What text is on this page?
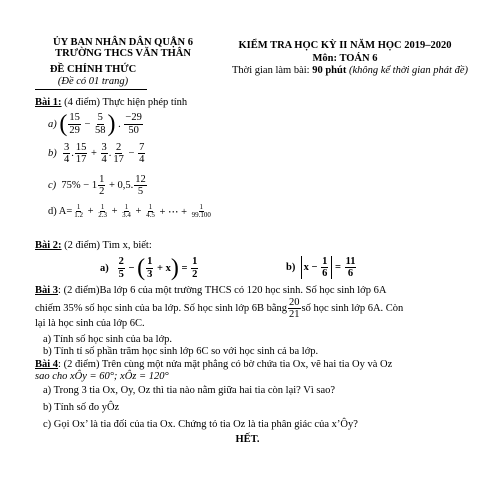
ỦY BAN NHÂN DÂN QUẬN 6
TRƯỜNG THCS VĂN THÂN
ĐỀ CHÍNH THỨC
(Đề có 01 trang)
KIỂM TRA HỌC KỲ II NĂM HỌC 2019–2020
Môn: TOÁN 6
Thời gian làm bài: 90 phút (không kể thời gian phát đề)
Bài 1: (4 điểm) Thực hiện phép tính
a)
( $\frac{15}{29} - \frac{5}{58}$ ) . $\frac{-29}{50}$
b)
$\frac{3}{4}$ . $\frac{15}{17} + \frac{3}{4}$ . $\frac{2}{17} - \frac{7}{4}$
c)
$75\% - 1 \frac{1}{2}$
+ 0,5. $\frac{12}{5}$
d) $A= \frac{1}{1.2} + \frac{1}{2.3} + \frac{1}{3.4} + \frac{1}{4.5}$
+ ⋯ +
$\frac{1}{99.100}$
Bài 2: (2 điểm) Tìm x, biết:
a)
$\frac{2}{5}$ − ( $\frac{1}{3} + x$ ) = $\frac{1}{2}$	b)
x −
$\frac{1}{6} = \frac{11}{6}$
Bài 3: (2 điểm)Ba lớp 6 của một trường THCS có 120 học sinh. Số học sinh lớp 6A
chiếm 35% số học sinh của ba lớp. Số học sinh lớp 6B bằng $\frac{20}{21}$ số học sinh lớp 6A. Còn
lại là học sinh của lớp 6C.
a) Tính số học sinh của ba lớp.
b) Tính tỉ số phần trăm học sinh lớp 6C so với học sinh cả ba lớp.
Bài 4: (2 điểm) Trên cùng một nửa mặt phẳng có bờ chứa tia Ox, vẽ hai tia Oy và Oz
sao cho xÔy = 60°; xÔz = 120°
a) Trong 3 tia Ox, Oy, Oz thì tia nào nằm giữa hai tia còn lại? Vì sao?
b) Tính số đo yÔz
c) Gọi Ox’ là tia đối của tia Ox. Chứng tỏ tia Oz là tia phân giác của x’Ôy?
HẾT.
